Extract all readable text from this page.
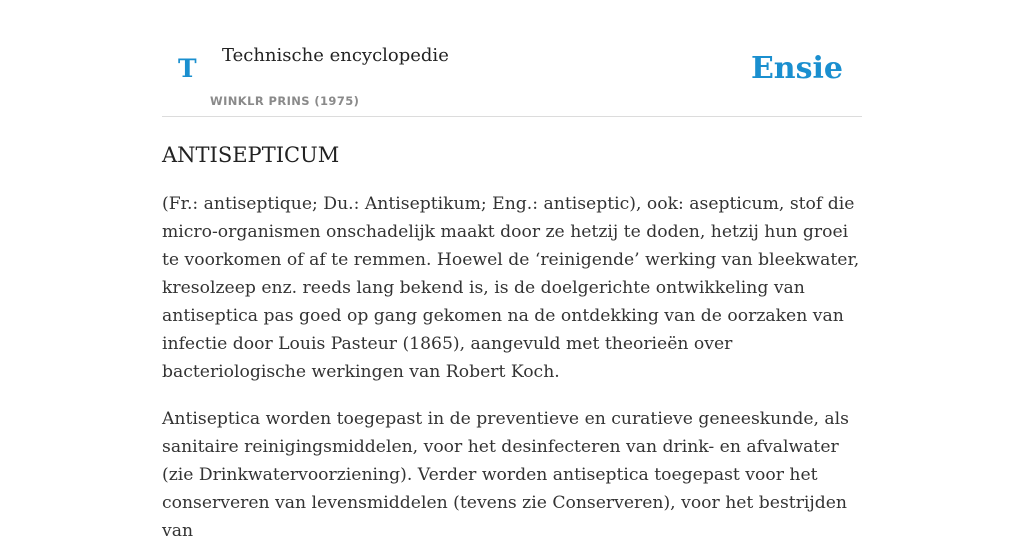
T Technische encyclopedie
WINKLR PRINS (1975)
Ensie
ANTISEPTICUM

(Fr.: antiseptique; Du.: Antiseptikum; Eng.: antiseptic), ook: asepticum, stof die micro-organismen onschadelijk maakt door ze hetzij te doden, hetzij hun groei te voorkomen of af te remmen. Hoewel de ‘reinigende’ werking van bleekwater, kresolzeep enz. reeds lang bekend is, is de doelgerichte ontwikkeling van antiseptica pas goed op gang gekomen na de ontdekking van de oorzaken van infectie door Louis Pasteur (1865), aangevuld met theorieën over bacteriologische werkingen van Robert Koch.

Antiseptica worden toegepast in de preventieve en curatieve geneeskunde, als sanitaire reinigingsmiddelen, voor het desinfecteren van drink- en afvalwater (zie Drinkwatervoorziening). Verder worden antiseptica toegepast voor het conserveren van levensmiddelen (tevens zie Conserveren), voor het bestrijden van
